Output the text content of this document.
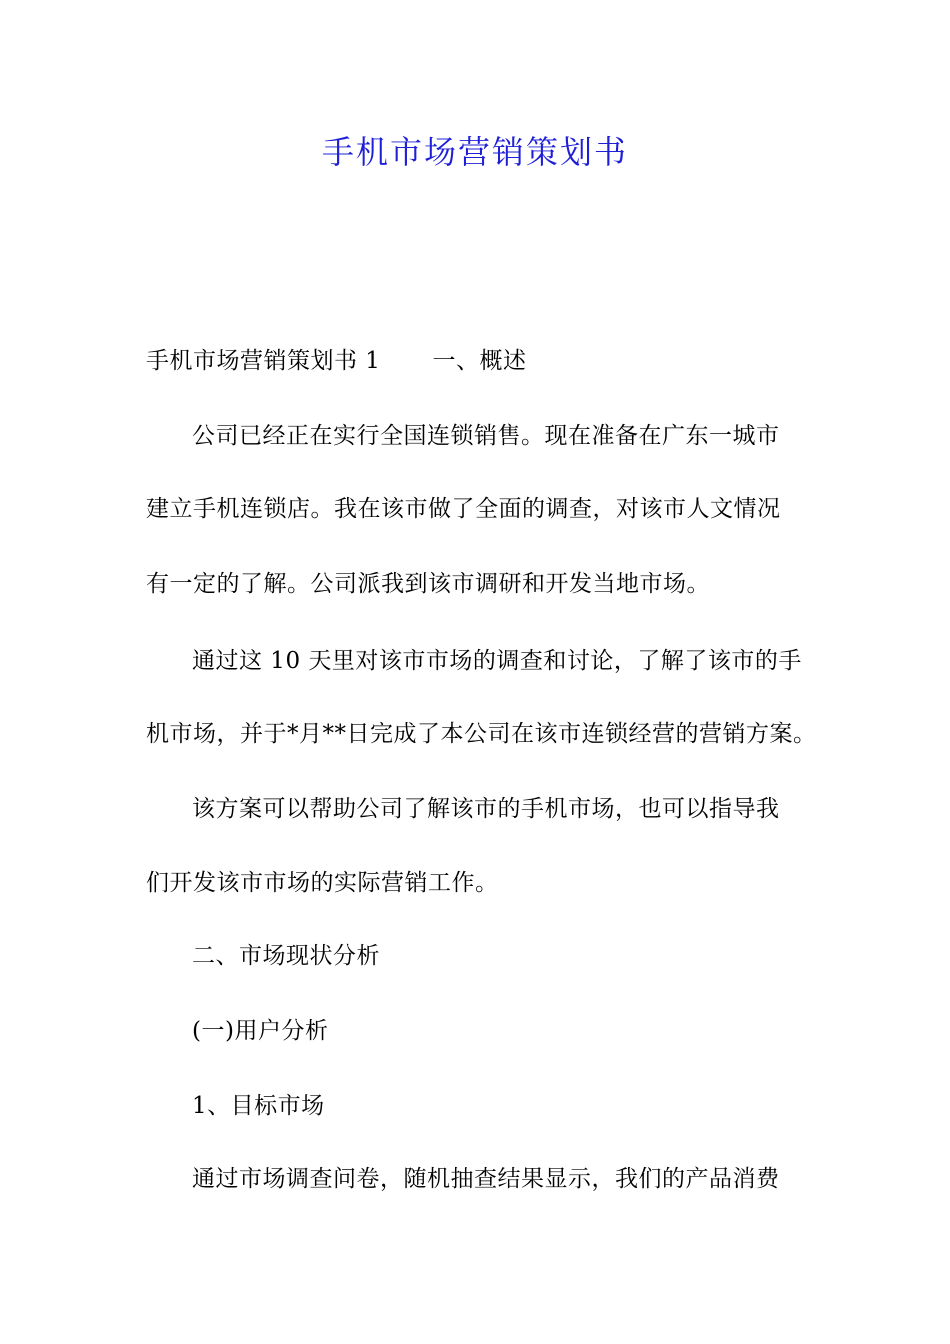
手机市场营销策划书
手机市场营销策划书 1 一、概述
公司已经正在实行全国连锁销售。现在准备在广东一城市
建立手机连锁店。我在该市做了全面的调查，对该市人文情况
有一定的了解。公司派我到该市调研和开发当地市场。
通过这 10 天里对该市市场的调查和讨论，了解了该市的手
机市场，并于*月**日完成了本公司在该市连锁经营的营销方案。
该方案可以帮助公司了解该市的手机市场，也可以指导我
们开发该市市场的实际营销工作。
二、市场现状分析
(一)用户分析
1、目标市场
通过市场调查问卷，随机抽查结果显示，我们的产品消费
